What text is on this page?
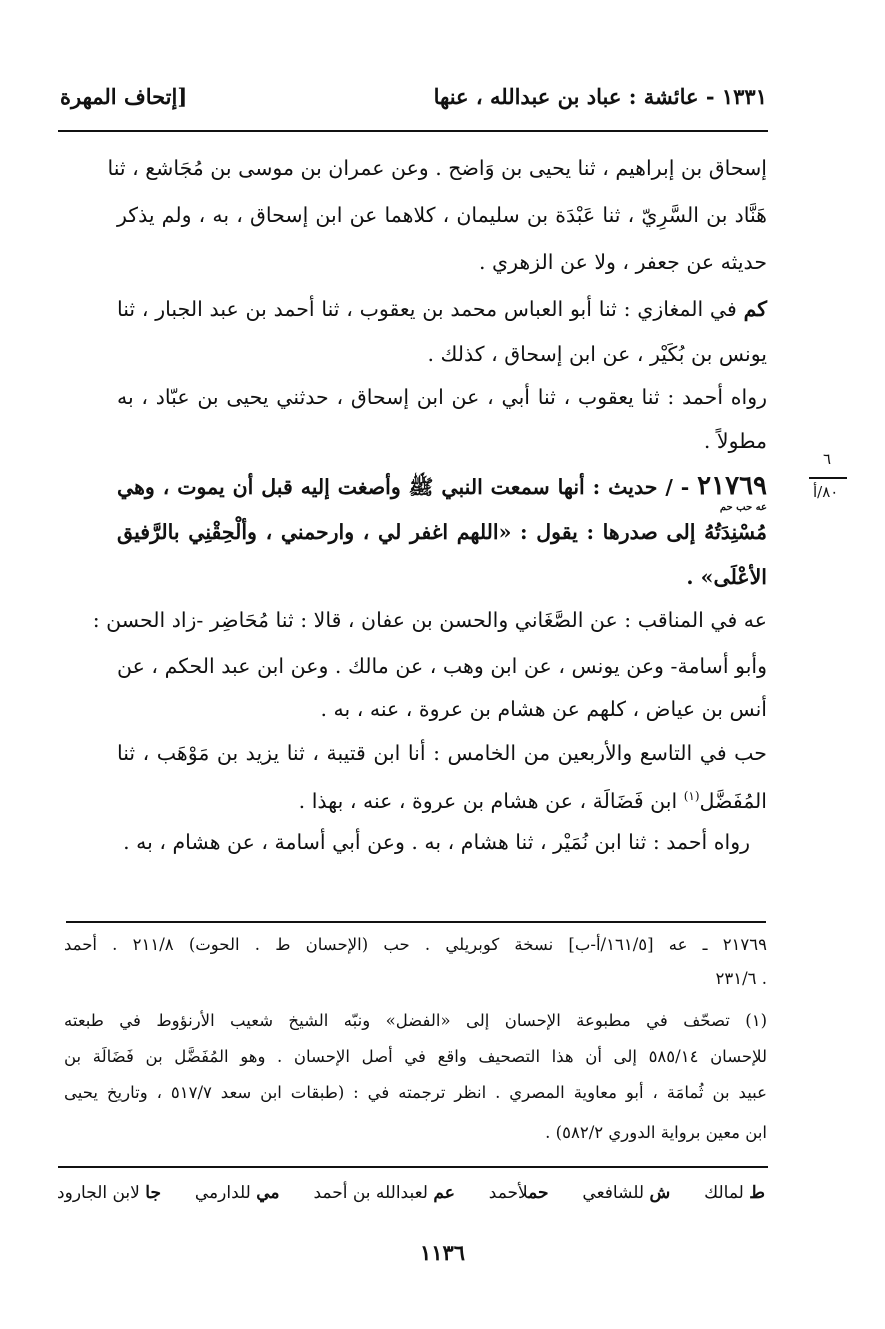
١٣٣١ - عائشة : عباد بن عبدالله ، عنها
[إتحاف المهرة
إسحاق بن إبراهيم ، ثنا يحيى بن وَاضح . وعن عمران بن موسى بن مُجَاشع ، ثنا
هَنَّاد بن السَّرِيّ ، ثنا عَبْدَة بن سليمان ، كلاهما عن ابن إسحاق ، به ، ولم يذكر
حديثه عن جعفر ، ولا عن الزهري .
كم في المغازي : ثنا أبو العباس محمد بن يعقوب ، ثنا أحمد بن عبد الجبار ، ثنا
يونس بن بُكَيْر ، عن ابن إسحاق ، كذلك .
رواه أحمد : ثنا يعقوب ، ثنا أبي ، عن ابن إسحاق ، حدثني يحيى بن عبّاد ، به
مطولاً .
٢١٧٦٩
عه حب حم
- / حديث : أنها سمعت النبي ﷺ وأصغت إليه قبل أن يموت ، وهي
مُسْنِدَتُهُ إلى صدرها : يقول : «اللهم اغفر لي ، وارحمني ، وألْحِقْنِي بالرَّفيق
الأعْلَى» .
عه في المناقب : عن الصَّغَاني والحسن بن عفان ، قالا : ثنا مُحَاضِر -زاد الحسن :
وأبو أسامة- وعن يونس ، عن ابن وهب ، عن مالك . وعن ابن عبد الحكم ، عن
أنس بن عياض ، كلهم عن هشام بن عروة ، عنه ، به .
حب في التاسع والأربعين من الخامس : أنا ابن قتيبة ، ثنا يزيد بن مَوْهَب ، ثنا
المُفَضَّل$^{(١)}$ ابن فَضَالَة ، عن هشام بن عروة ، عنه ، بهذا .
رواه أحمد : ثنا ابن نُمَيْر ، ثنا هشام ، به . وعن أبي أسامة ، عن هشام ، به .
٦
٨٠/أ
٢١٧٦٩ ـ عه [١٦١/٥/أ-ب] نسخة كوبريلي . حب (الإحسان ط . الحوت) ٢١١/٨ . أحمد
. ٢٣١/٦
(١) تصحّف في مطبوعة الإحسان إلى «الفضل» ونبّه الشيخ شعيب الأرنؤوط في طبعته
للإحسان ٥٨٥/١٤ إلى أن هذا التصحيف واقع في أصل الإحسان . وهو المُفَضَّل بن فَضَالَة بن
عبيد بن ثُمامَة ، أبو معاوية المصري . انظر ترجمته في : (طبقات ابن سعد ٥١٧/٧ ، وتاريخ يحيى
ابن معين برواية الدوري ٥٨٢/٢) .
ط لمالك
ش للشافعي
حملأحمد
عم لعبدالله بن أحمد
مي للدارمي
جا لابن الجارود
١١٣٦
